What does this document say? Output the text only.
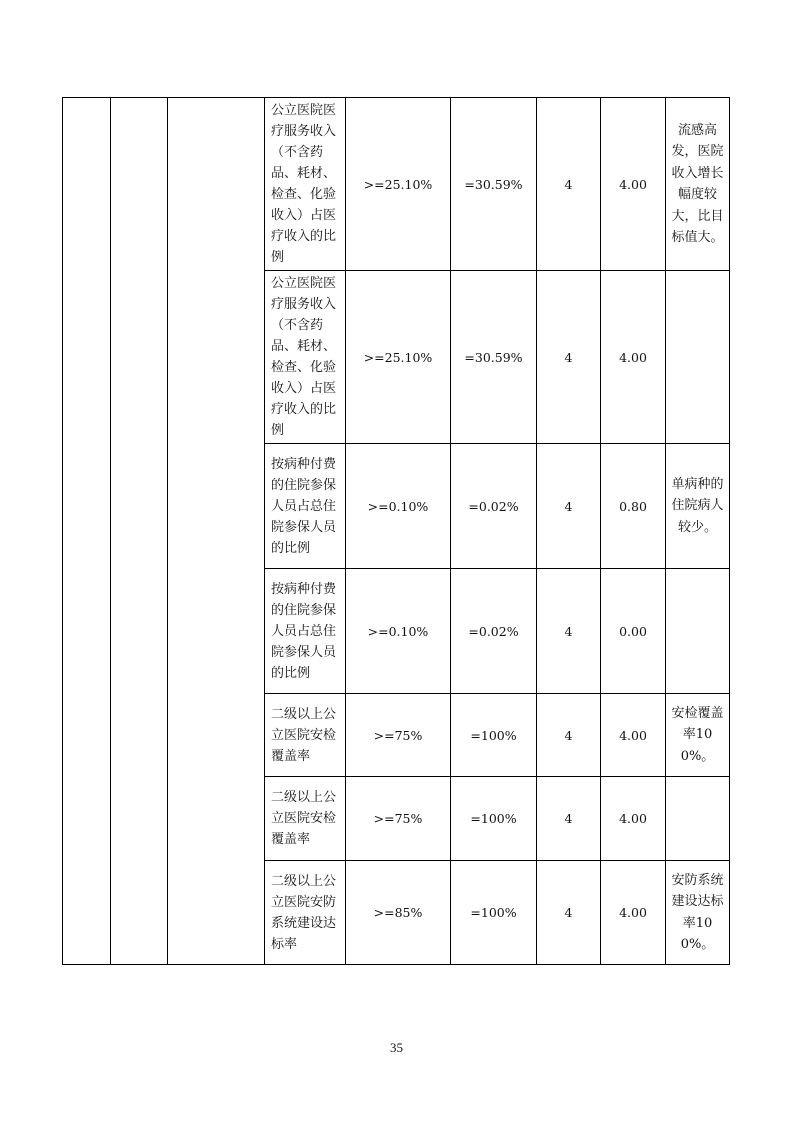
			公立医院医疗服务收入（不含药品、耗材、检查、化验收入）占医疗收入的比例	>=25.10%	=30.59%	4	4.00	流感高发，医院收入增长幅度较大，比目标值大。
			公立医院医疗服务收入（不含药品、耗材、检查、化验收入）占医疗收入的比例	>=25.10%	=30.59%	4	4.00	
			按病种付费的住院参保人员占总住院参保人员的比例	>=0.10%	=0.02%	4	0.80	单病种的住院病人较少。
			按病种付费的住院参保人员占总住院参保人员的比例	>=0.10%	=0.02%	4	0.00	
			二级以上公立医院安检覆盖率	>=75%	=100%	4	4.00	安检覆盖率100%。
			二级以上公立医院安检覆盖率	>=75%	=100%	4	4.00	
			二级以上公立医院安防系统建设达标率	>=85%	=100%	4	4.00	安防系统建设达标率100%。
35
